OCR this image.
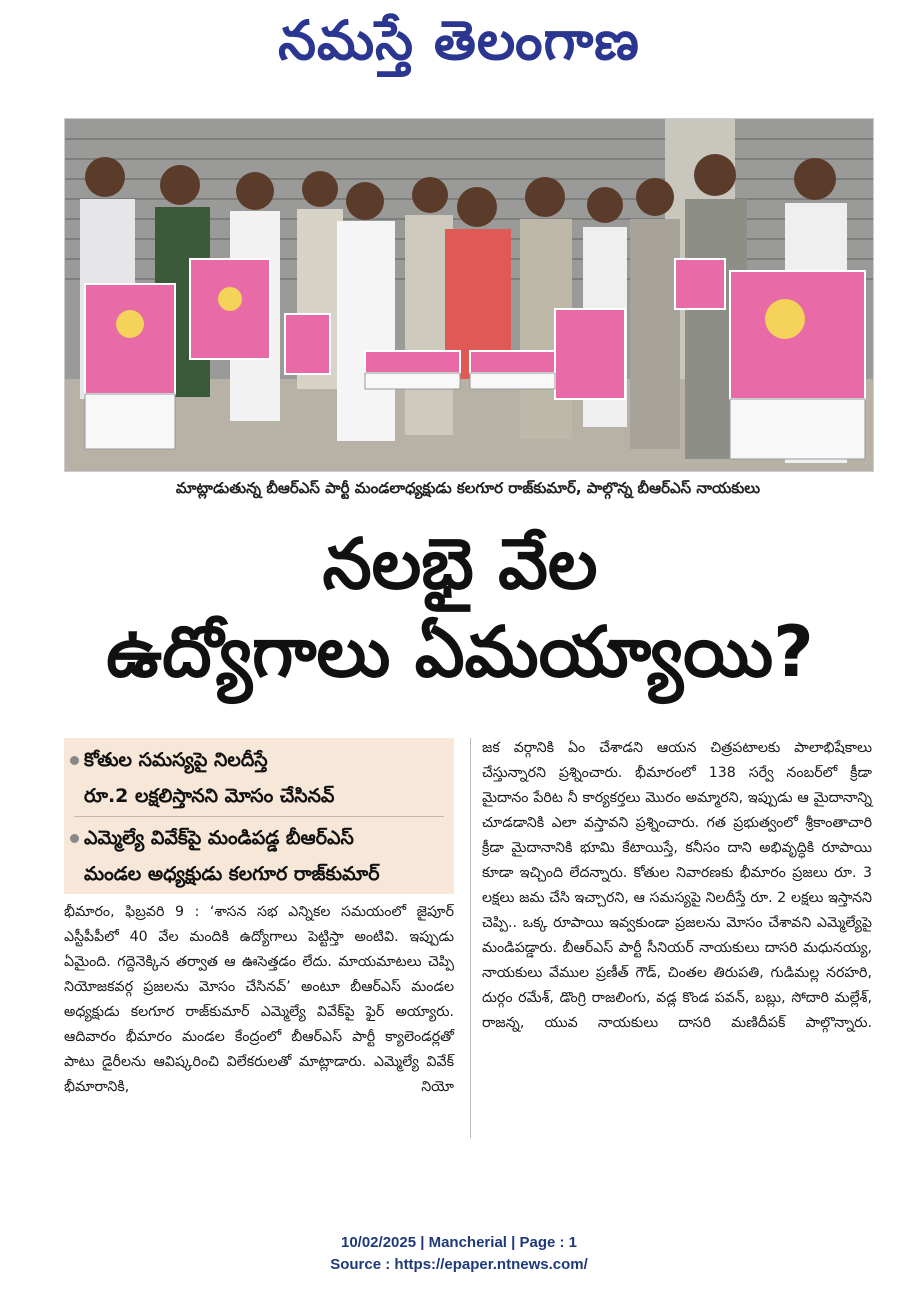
నమస్తే తెలంగాణ
మాట్లాడుతున్న బీఆర్ఎస్ పార్టీ మండలాధ్యక్షుడు కలగూర రాజ్‌కుమార్, పాల్గొన్న బీఆర్ఎస్ నాయకులు
నలభై వేల
ఉద్యోగాలు ఏమయ్యాయి?
కోతుల సమస్యపై నిలదీస్తే
రూ.2 లక్షలిస్తానని మోసం చేసినవ్
ఎమ్మెల్యే వివేక్‌పై మండిపడ్డ బీఆర్ఎస్
మండల అధ్యక్షుడు కలగూర రాజ్‌కుమార్

భీమారం, ఫిబ్రవరి 9 : ‘శాసన సభ ఎన్నికల సమయంలో జైపూర్ ఎస్టీపీపీలో 40 వేల మందికి ఉద్యోగాలు పెట్టిస్తా అంటివి. ఇప్పుడు ఏమైంది. గద్దెనెక్కిన తర్వాత ఆ ఊసెత్తడం లేదు. మాయమాటలు చెప్పి నియోజకవర్గ ప్రజలను మోసం చేసినవ్’ అంటూ బీఆర్ఎస్ మండల అధ్యక్షుడు కలగూర రాజ్‌కుమార్ ఎమ్మెల్యే వివేక్‌పై ఫైర్ అయ్యారు. ఆదివారం భీమారం మండల కేంద్రంలో బీఆర్ఎస్ పార్టీ క్యాలెండర్లతో పాటు డైరీలను ఆవిష్కరించి విలేకరులతో మాట్లాడారు. ఎమ్మెల్యే వివేక్ భీమారానికి, నియో

జక వర్గానికి ఏం చేశాడని ఆయన చిత్రపటాలకు పాలాభిషేకాలు చేస్తున్నారని ప్రశ్నించారు. భీమారంలో 138 సర్వే నంబర్‌లో క్రీడా మైదానం పేరిట నీ కార్యకర్తలు మొరం అమ్మారని, ఇప్పుడు ఆ మైదానాన్ని చూడడానికి ఎలా వస్తావని ప్రశ్నించారు. గత ప్రభుత్వంలో శ్రీకాంతాచారి క్రీడా మైదానానికి భూమి కేటాయిస్తే, కనీసం దాని అభివృద్ధికి రూపాయి కూడా ఇచ్చింది లేదన్నారు. కోతుల నివారణకు భీమారం ప్రజలు రూ. 3 లక్షలు జమ చేసి ఇచ్చారని, ఆ సమస్యపై నిలదీస్తే రూ. 2 లక్షలు ఇస్తానని చెప్పి.. ఒక్క రూపాయి ఇవ్వకుండా ప్రజలను మోసం చేశావని ఎమ్మెల్యేపై మండిపడ్డారు. బీఆర్ఎస్ పార్టీ సీనియర్ నాయకులు దాసరి మధునయ్య, నాయకులు వేముల ప్రణీత్ గౌడ్, చింతల తిరుపతి, గుడిమల్ల నరహరి, దుర్గం రమేశ్, డొంగ్రి రాజలింగు, వడ్ల కొండ పవన్, బబ్లు, సోదారి మల్లేశ్, రాజన్న, యువ నాయకులు దాసరి మణిదీపక్ పాల్గొన్నారు.

10/02/2025 | Mancherial | Page : 1
Source : https://epaper.ntnews.com/
